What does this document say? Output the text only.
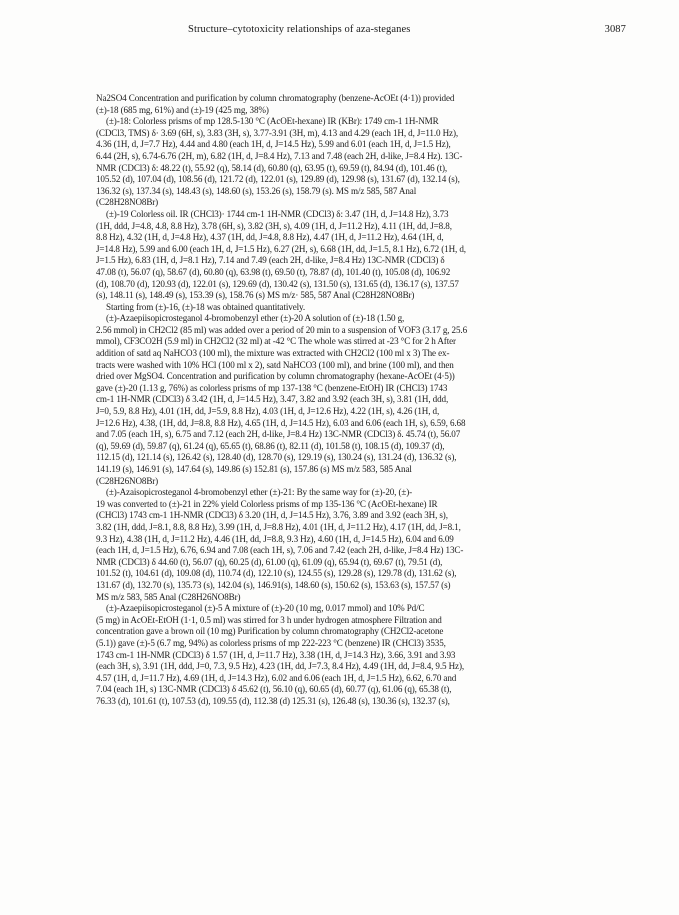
Structure–cytotoxicity relationships of aza-steganes	3087

Na2SO4 Concentration and purification by column chromatography (benzene-AcOEt (4·1)) provided

(±)-18 (685 mg, 61%) and (±)-19 (425 mg, 38%)

(±)-18: Colorless prisms of mp 128.5-130 °C (AcOEt-hexane) IR (KBr): 1749 cm-1 1H-NMR

(CDCl3, TMS) δ· 3.69 (6H, s), 3.83 (3H, s), 3.77-3.91 (3H, m), 4.13 and 4.29 (each 1H, d, J=11.0 Hz),

4.36 (1H, d, J=7.7 Hz), 4.44 and 4.80 (each 1H, d, J=14.5 Hz), 5.99 and 6.01 (each 1H, d, J=1.5 Hz),

6.44 (2H, s), 6.74-6.76 (2H, m), 6.82 (1H, d, J=8.4 Hz), 7.13 and 7.48 (each 2H, d-like, J=8.4 Hz). 13C-

NMR (CDCl3) δ: 48.22 (t), 55.92 (q), 58.14 (d), 60.80 (q), 63.95 (t), 69.59 (t), 84.94 (d), 101.46 (t),

105.52 (d), 107.04 (d), 108.56 (d), 121.72 (d), 122.01 (s), 129.89 (d), 129.98 (s), 131.67 (d), 132.14 (s),

136.32 (s), 137.34 (s), 148.43 (s), 148.60 (s), 153.26 (s), 158.79 (s). MS m/z 585, 587 Anal

(C28H28NO8Br)

(±)-19 Colorless oil. IR (CHCl3)· 1744 cm-1 1H-NMR (CDCl3) δ: 3.47 (1H, d, J=14.8 Hz), 3.73

(1H, ddd, J=4.8, 4.8, 8.8 Hz), 3.78 (6H, s), 3.82 (3H, s), 4.09 (1H, d, J=11.2 Hz), 4.11 (1H, dd, J=8.8,

8.8 Hz), 4.32 (1H, d, J=4.8 Hz), 4.37 (1H, dd, J=4.8, 8.8 Hz), 4.47 (1H, d, J=11.2 Hz), 4.64 (1H, d,

J=14.8 Hz), 5.99 and 6.00 (each 1H, d, J=1.5 Hz), 6.27 (2H, s), 6.68 (1H, dd, J=1.5, 8.1 Hz), 6.72 (1H, d,

J=1.5 Hz), 6.83 (1H, d, J=8.1 Hz), 7.14 and 7.49 (each 2H, d-like, J=8.4 Hz) 13C-NMR (CDCl3) δ

47.08 (t), 56.07 (q), 58.67 (d), 60.80 (q), 63.98 (t), 69.50 (t), 78.87 (d), 101.40 (t), 105.08 (d), 106.92

(d), 108.70 (d), 120.93 (d), 122.01 (s), 129.69 (d), 130.42 (s), 131.50 (s), 131.65 (d), 136.17 (s), 137.57

(s), 148.11 (s), 148.49 (s), 153.39 (s), 158.76 (s) MS m/z· 585, 587 Anal (C28H28NO8Br)

Starting from (±)-16, (±)-18 was obtained quantitatively.

(±)-Azaepiisopicrosteganol 4-bromobenzyl ether (±)-20 A solution of (±)-18 (1.50 g,

2.56 mmol) in CH2Cl2 (85 ml) was added over a period of 20 min to a suspension of VOF3 (3.17 g, 25.6

mmol), CF3CO2H (5.9 ml) in CH2Cl2 (32 ml) at -42 °C The whole was stirred at -23 °C for 2 h After

addition of satd aq NaHCO3 (100 ml), the mixture was extracted with CH2Cl2 (100 ml x 3) The ex-

tracts were washed with 10% HCl (100 ml x 2), satd NaHCO3 (100 ml), and brine (100 ml), and then

dried over MgSO4. Concentration and purification by column chromatography (hexane-AcOEt (4·5))

gave (±)-20 (1.13 g, 76%) as colorless prisms of mp 137-138 °C (benzene-EtOH) IR (CHCl3) 1743

cm-1 1H-NMR (CDCl3) δ 3.42 (1H, d, J=14.5 Hz), 3.47, 3.82 and 3.92 (each 3H, s), 3.81 (1H, ddd,

J=0, 5.9, 8.8 Hz), 4.01 (1H, dd, J=5.9, 8.8 Hz), 4.03 (1H, d, J=12.6 Hz), 4.22 (1H, s), 4.26 (1H, d,

J=12.6 Hz), 4.38, (1H, dd, J=8.8, 8.8 Hz), 4.65 (1H, d, J=14.5 Hz), 6.03 and 6.06 (each 1H, s), 6.59, 6.68

and 7.05 (each 1H, s), 6.75 and 7.12 (each 2H, d-like, J=8.4 Hz) 13C-NMR (CDCl3) δ. 45.74 (t), 56.07

(q), 59.69 (d), 59.87 (q), 61.24 (q), 65.65 (t), 68.86 (t), 82.11 (d), 101.58 (t), 108.15 (d), 109.37 (d),

112.15 (d), 121.14 (s), 126.42 (s), 128.40 (d), 128.70 (s), 129.19 (s), 130.24 (s), 131.24 (d), 136.32 (s),

141.19 (s), 146.91 (s), 147.64 (s), 149.86 (s) 152.81 (s), 157.86 (s) MS m/z 583, 585 Anal

(C28H26NO8Br)

(±)-Azaisopicrosteganol 4-bromobenzyl ether (±)-21: By the same way for (±)-20, (±)-

19 was converted to (±)-21 in 22% yield Colorless prisms of mp 135-136 °C (AcOEt-hexane) IR

(CHCl3) 1743 cm-1 1H-NMR (CDCl3) δ 3.20 (1H, d, J=14.5 Hz), 3.76, 3.89 and 3.92 (each 3H, s),

3.82 (1H, ddd, J=8.1, 8.8, 8.8 Hz), 3.99 (1H, d, J=8.8 Hz), 4.01 (1H, d, J=11.2 Hz), 4.17 (1H, dd, J=8.1,

9.3 Hz), 4.38 (1H, d, J=11.2 Hz), 4.46 (1H, dd, J=8.8, 9.3 Hz), 4.60 (1H, d, J=14.5 Hz), 6.04 and 6.09

(each 1H, d, J=1.5 Hz), 6.76, 6.94 and 7.08 (each 1H, s), 7.06 and 7.42 (each 2H, d-like, J=8.4 Hz) 13C-

NMR (CDCl3) δ 44.60 (t), 56.07 (q), 60.25 (d), 61.00 (q), 61.09 (q), 65.94 (t), 69.67 (t), 79.51 (d),

101.52 (t), 104.61 (d), 109.08 (d), 110.74 (d), 122.10 (s), 124.55 (s), 129.28 (s), 129.78 (d), 131.62 (s),

131.67 (d), 132.70 (s), 135.73 (s), 142.04 (s), 146.91(s), 148.60 (s), 150.62 (s), 153.63 (s), 157.57 (s)

MS m/z 583, 585 Anal (C28H26NO8Br)

(±)-Azaepiisopicrosteganol (±)-5 A mixture of (±)-20 (10 mg, 0.017 mmol) and 10% Pd/C

(5 mg) in AcOEt-EtOH (1·1, 0.5 ml) was stirred for 3 h under hydrogen atmosphere Filtration and

concentration gave a brown oil (10 mg) Purification by column chromatography (CH2Cl2-acetone

(5.1)) gave (±)-5 (6.7 mg, 94%) as colorless prisms of mp 222-223 °C (benzene) IR (CHCl3) 3535,

1743 cm-1 1H-NMR (CDCl3) δ 1.57 (1H, d, J=11.7 Hz), 3.38 (1H, d, J=14.3 Hz), 3.66, 3.91 and 3.93

(each 3H, s), 3.91 (1H, ddd, J=0, 7.3, 9.5 Hz), 4.23 (1H, dd, J=7.3, 8.4 Hz), 4.49 (1H, dd, J=8.4, 9.5 Hz),

4.57 (1H, d, J=11.7 Hz), 4.69 (1H, d, J=14.3 Hz), 6.02 and 6.06 (each 1H, d, J=1.5 Hz), 6.62, 6.70 and

7.04 (each 1H, s) 13C-NMR (CDCl3) δ 45.62 (t), 56.10 (q), 60.65 (d), 60.77 (q), 61.06 (q), 65.38 (t),

76.33 (d), 101.61 (t), 107.53 (d), 109.55 (d), 112.38 (d) 125.31 (s), 126.48 (s), 130.36 (s), 132.37 (s),
